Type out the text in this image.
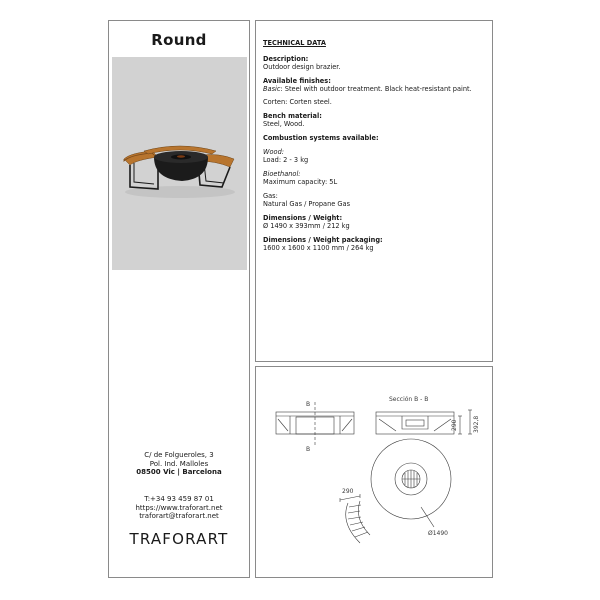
Round
C/ de Folgueroles, 3
Pol. Ind. Malloles
08500 Vic | Barcelona
T:+34 93 459 87 01
https://www.traforart.net
traforart@traforart.net
TRAFORART
TECHNICAL DATA
Description:
Outdoor design brazier.
Available finishes:
Basic: Steel with outdoor treatment. Black heat-resistant paint.
Corten: Corten steel.
Bench material:
Steel, Wood.
Combustion systems available:
Wood:
Load: 2 - 3 kg
Bioethanol:
Maximum capacity: 5L
Gas:
Natural Gas / Propane Gas
Dimensions / Weight:
Ø 1490 x 393mm / 212 kg
Dimensions / Weight packaging:
1600 x 1600 x 1100 mm / 264 kg
B
B
Sección B - B
290	392,8
Ø1490
290
